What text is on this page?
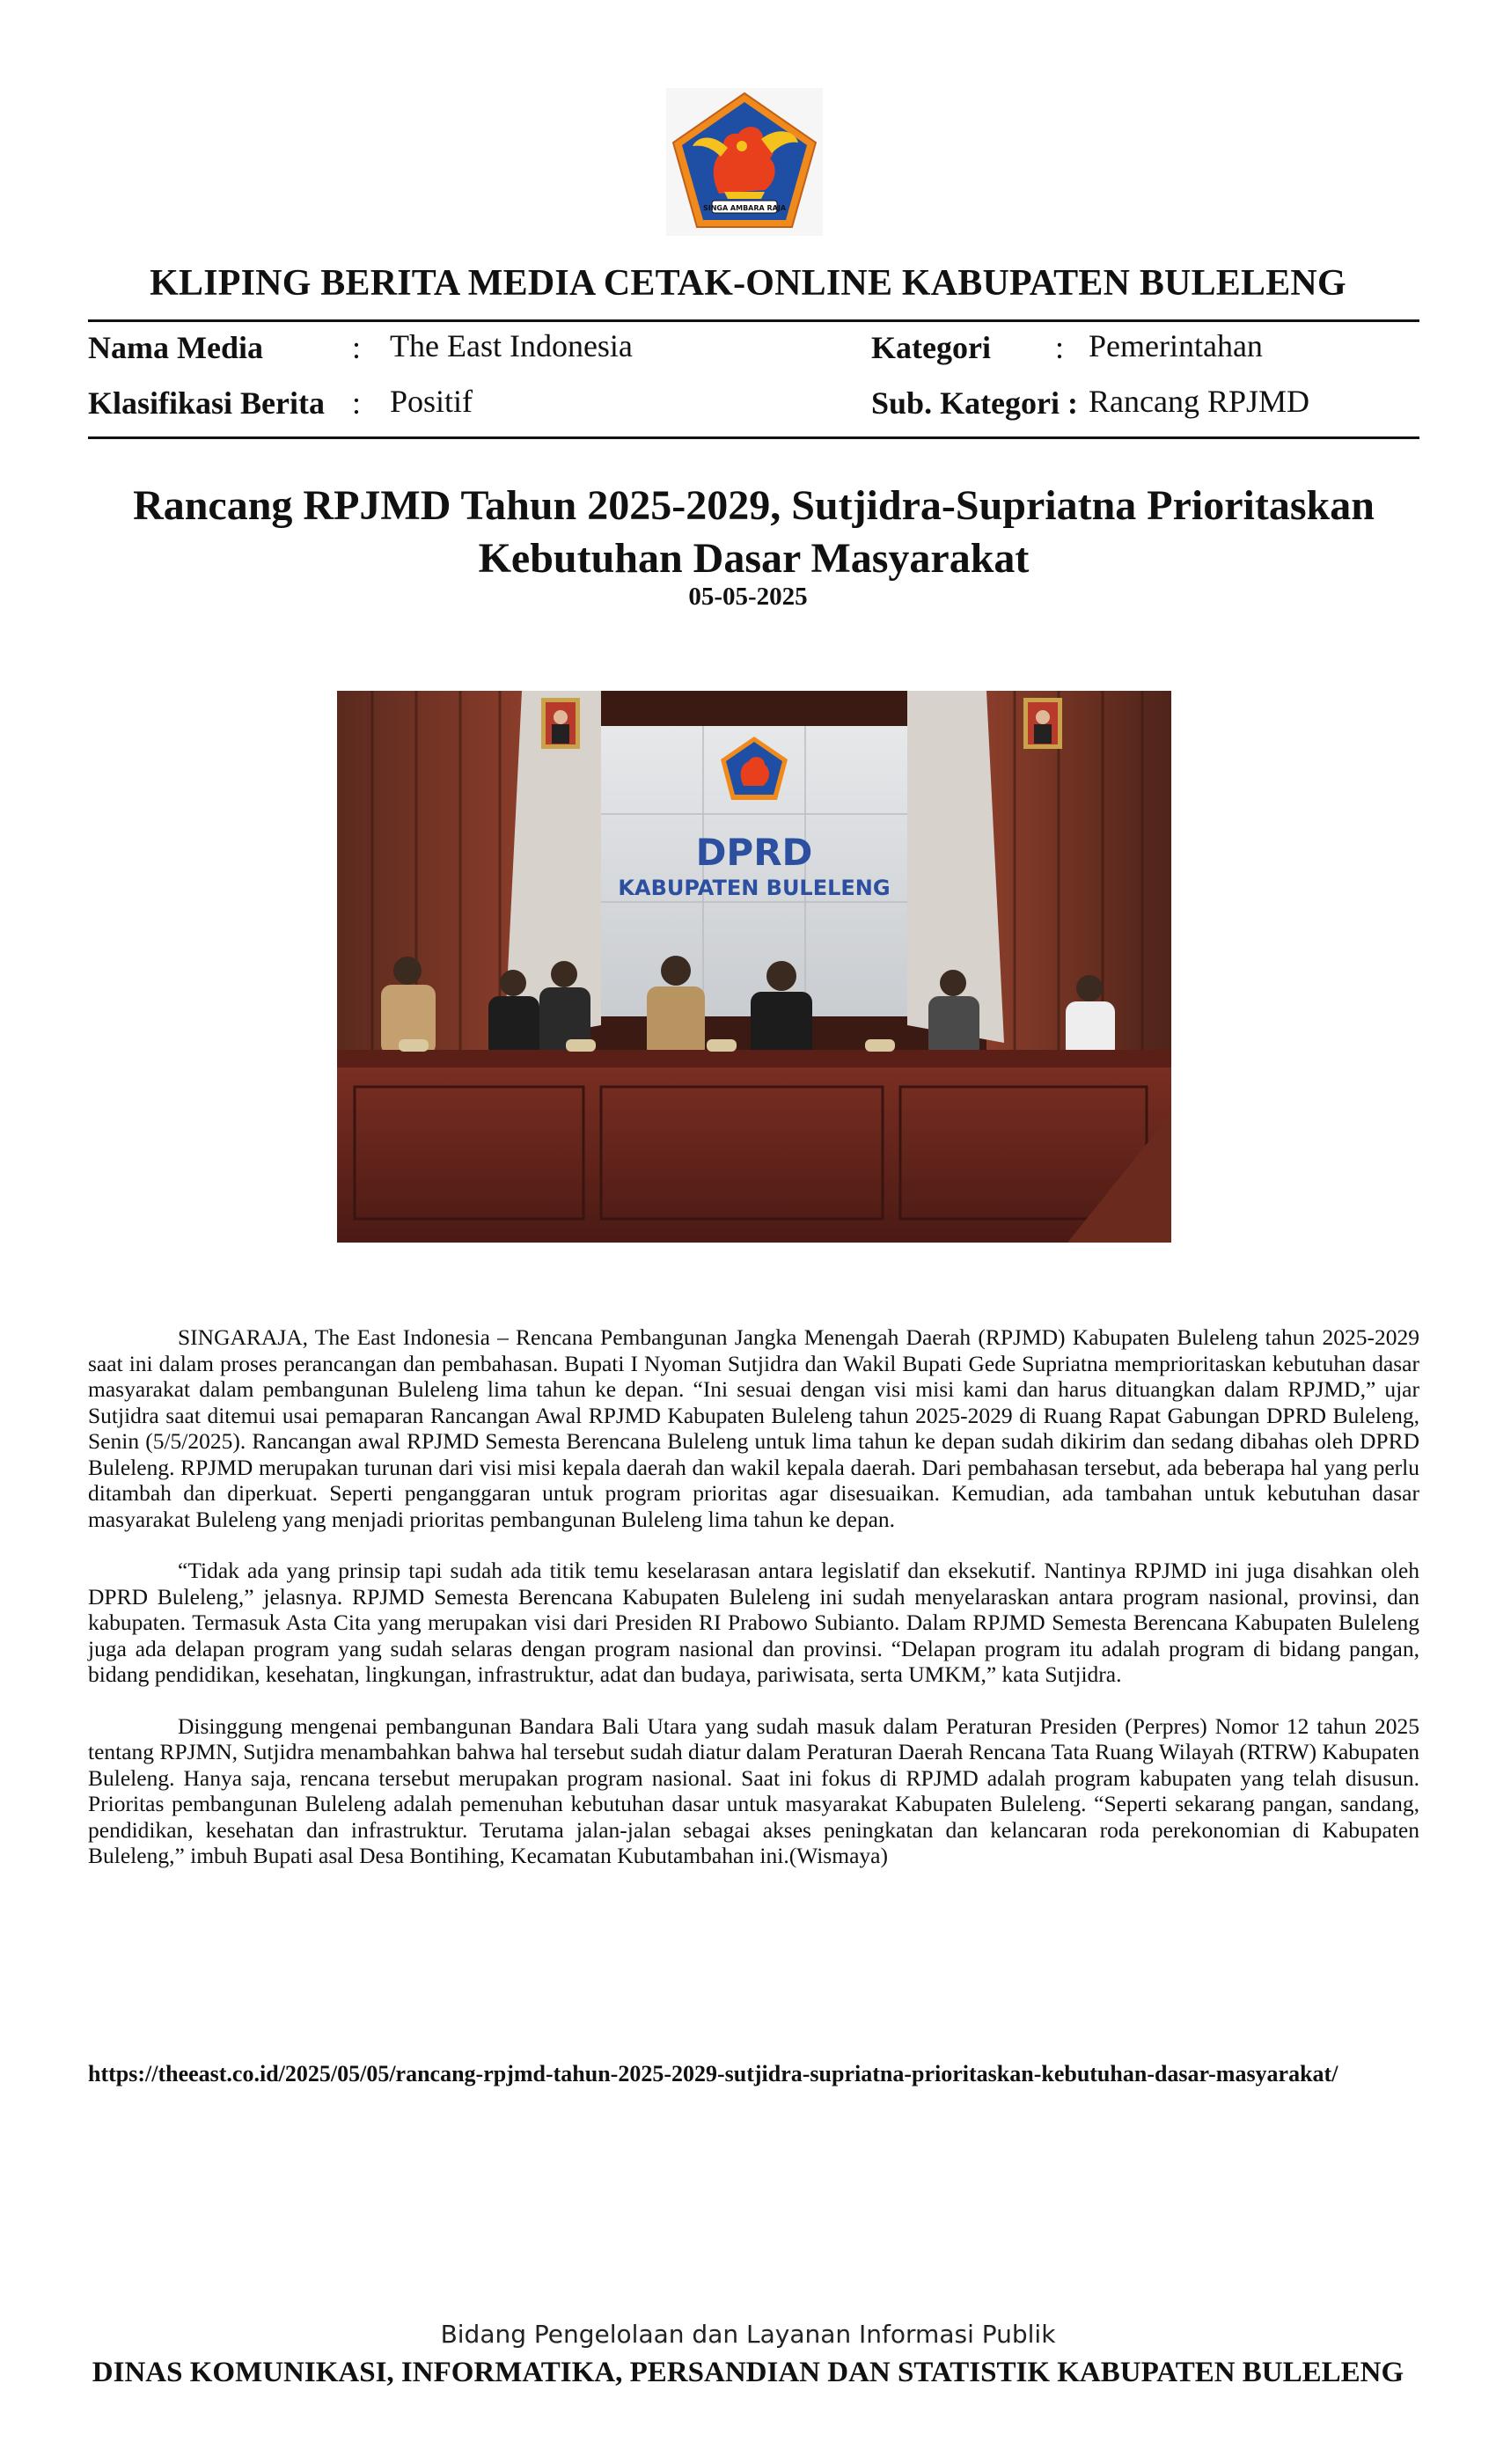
SINGA AMBARA RAJA
KLIPING BERITA MEDIA CETAK-ONLINE KABUPATEN BULELENG
Nama Media	: The East Indonesia	Kategori : Pemerintahan
Klasifikasi Berita : Positif	Sub. Kategori : Rancang RPJMD
Rancang RPJMD Tahun 2025-2029, Sutjidra-Supriatna Prioritaskan Kebutuhan Dasar Masyarakat
05-05-2025
DPRD
KABUPATEN BULELENG

SINGARAJA, The East Indonesia – Rencana Pembangunan Jangka Menengah Daerah (RPJMD) Kabupaten Buleleng tahun 2025-2029 saat ini dalam proses perancangan dan pembahasan. Bupati I Nyoman Sutjidra dan Wakil Bupati Gede Supriatna memprioritaskan kebutuhan dasar masyarakat dalam pembangunan Buleleng lima tahun ke depan. “Ini sesuai dengan visi misi kami dan harus dituangkan dalam RPJMD,” ujar Sutjidra saat ditemui usai pemaparan Rancangan Awal RPJMD Kabupaten Buleleng tahun 2025-2029 di Ruang Rapat Gabungan DPRD Buleleng, Senin (5/5/2025). Rancangan awal RPJMD Semesta Berencana Buleleng untuk lima tahun ke depan sudah dikirim dan sedang dibahas oleh DPRD Buleleng. RPJMD merupakan turunan dari visi misi kepala daerah dan wakil kepala daerah. Dari pembahasan tersebut, ada beberapa hal yang perlu ditambah dan diperkuat. Seperti penganggaran untuk program prioritas agar disesuaikan. Kemudian, ada tambahan untuk kebutuhan dasar masyarakat Buleleng yang menjadi prioritas pembangunan Buleleng lima tahun ke depan.

“Tidak ada yang prinsip tapi sudah ada titik temu keselarasan antara legislatif dan eksekutif. Nantinya RPJMD ini juga disahkan oleh DPRD Buleleng,” jelasnya. RPJMD Semesta Berencana Kabupaten Buleleng ini sudah menyelaraskan antara program nasional, provinsi, dan kabupaten. Termasuk Asta Cita yang merupakan visi dari Presiden RI Prabowo Subianto. Dalam RPJMD Semesta Berencana Kabupaten Buleleng juga ada delapan program yang sudah selaras dengan program nasional dan provinsi. “Delapan program itu adalah program di bidang pangan, bidang pendidikan, kesehatan, lingkungan, infrastruktur, adat dan budaya, pariwisata, serta UMKM,” kata Sutjidra.

Disinggung mengenai pembangunan Bandara Bali Utara yang sudah masuk dalam Peraturan Presiden (Perpres) Nomor 12 tahun 2025 tentang RPJMN, Sutjidra menambahkan bahwa hal tersebut sudah diatur dalam Peraturan Daerah Rencana Tata Ruang Wilayah (RTRW) Kabupaten Buleleng. Hanya saja, rencana tersebut merupakan program nasional. Saat ini fokus di RPJMD adalah program kabupaten yang telah disusun. Prioritas pembangunan Buleleng adalah pemenuhan kebutuhan dasar untuk masyarakat Kabupaten Buleleng. “Seperti sekarang pangan, sandang, pendidikan, kesehatan dan infrastruktur. Terutama jalan-jalan sebagai akses peningkatan dan kelancaran roda perekonomian di Kabupaten Buleleng,” imbuh Bupati asal Desa Bontihing, Kecamatan Kubutambahan ini.(Wismaya)

https://theeast.co.id/2025/05/05/rancang-rpjmd-tahun-2025-2029-sutjidra-supriatna-prioritaskan-kebutuhan-dasar-masyarakat/
Bidang Pengelolaan dan Layanan Informasi Publik
DINAS KOMUNIKASI, INFORMATIKA, PERSANDIAN DAN STATISTIK KABUPATEN BULELENG
